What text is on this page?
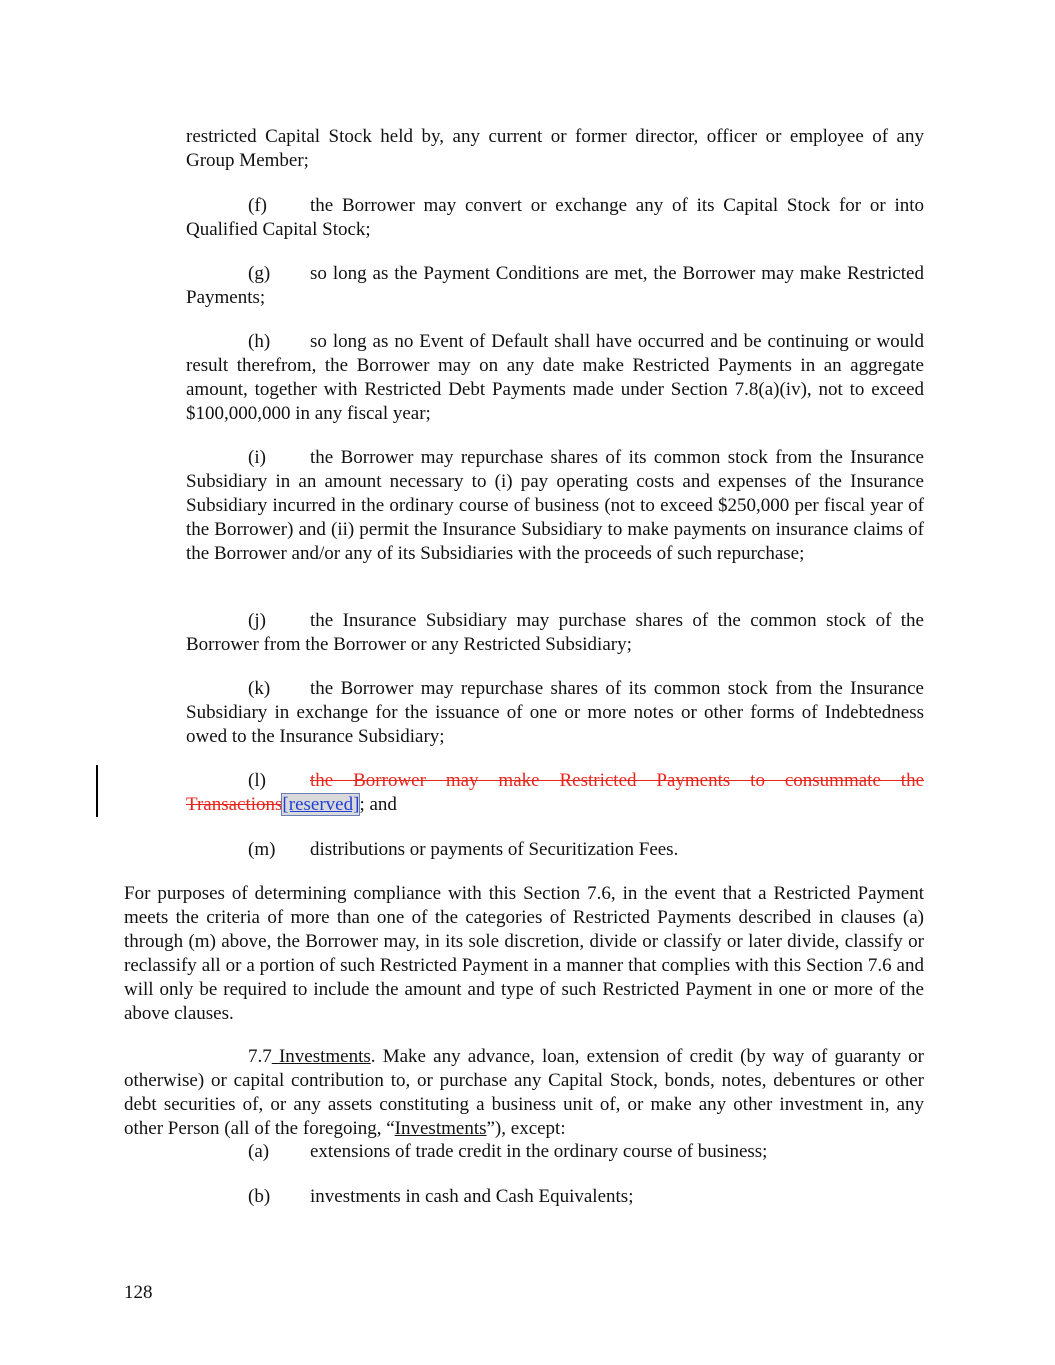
restricted Capital Stock held by, any current or former director, officer or employee of any Group Member;

(f) the Borrower may convert or exchange any of its Capital Stock for or into Qualified Capital Stock;

(g) so long as the Payment Conditions are met, the Borrower may make Restricted Payments;

(h) so long as no Event of Default shall have occurred and be continuing or would result therefrom, the Borrower may on any date make Restricted Payments in an aggregate amount, together with Restricted Debt Payments made under Section 7.8(a)(iv), not to exceed $100,000,000 in any fiscal year;

(i) the Borrower may repurchase shares of its common stock from the Insurance Subsidiary in an amount necessary to (i) pay operating costs and expenses of the Insurance Subsidiary incurred in the ordinary course of business (not to exceed $250,000 per fiscal year of the Borrower) and (ii) permit the Insurance Subsidiary to make payments on insurance claims of the Borrower and/or any of its Subsidiaries with the proceeds of such repurchase;

(j) the Insurance Subsidiary may purchase shares of the common stock of the Borrower from the Borrower or any Restricted Subsidiary;

(k) the Borrower may repurchase shares of its common stock from the Insurance Subsidiary in exchange for the issuance of one or more notes or other forms of Indebtedness owed to the Insurance Subsidiary;

(l) the Borrower may make Restricted Payments to consummate the Transactions[reserved]; and

(m) distributions or payments of Securitization Fees.

For purposes of determining compliance with this Section 7.6, in the event that a Restricted Payment meets the criteria of more than one of the categories of Restricted Payments described in clauses (a) through (m) above, the Borrower may, in its sole discretion, divide or classify or later divide, classify or reclassify all or a portion of such Restricted Payment in a manner that complies with this Section 7.6 and will only be required to include the amount and type of such Restricted Payment in one or more of the above clauses.

7.7 Investments. Make any advance, loan, extension of credit (by way of guaranty or otherwise) or capital contribution to, or purchase any Capital Stock, bonds, notes, debentures or other debt securities of, or any assets constituting a business unit of, or make any other investment in, any other Person (all of the foregoing, “Investments”), except:

(a) extensions of trade credit in the ordinary course of business;
(b) investments in cash and Cash Equivalents;
128
